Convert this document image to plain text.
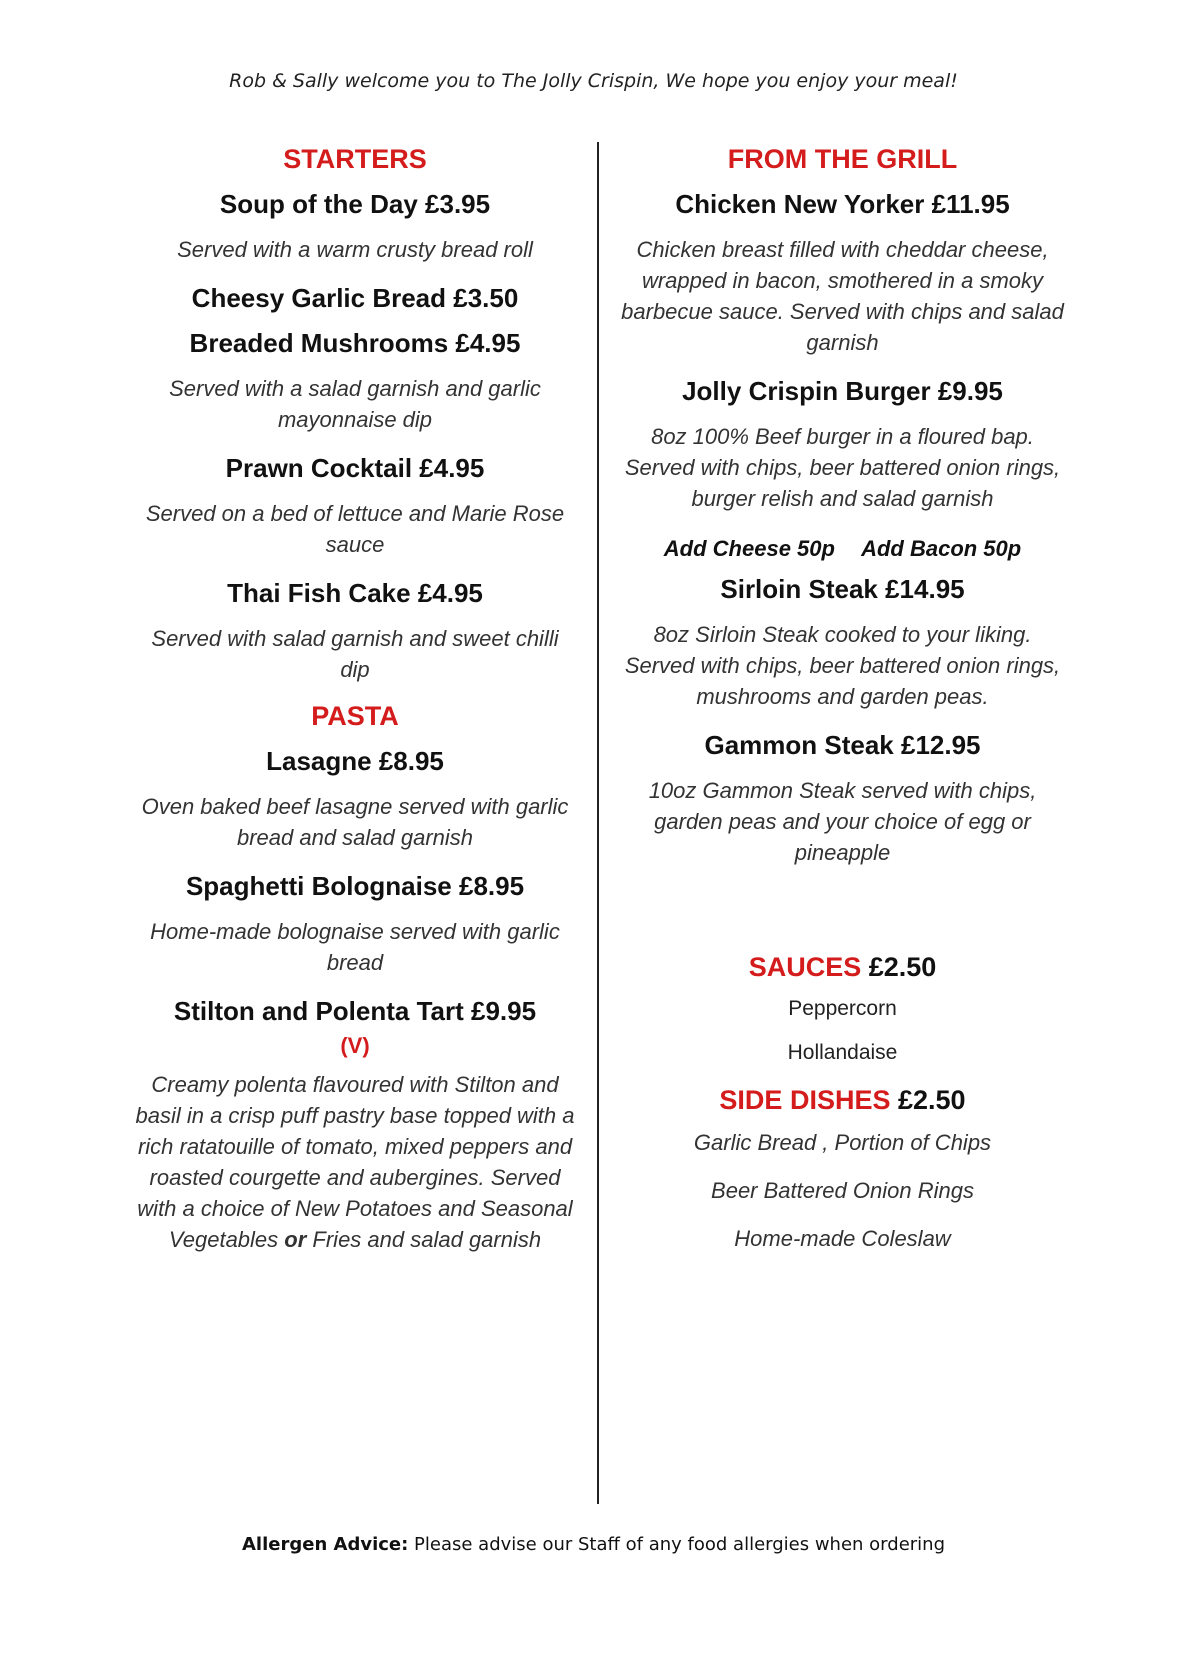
Rob & Sally welcome you to The Jolly Crispin, We hope you enjoy your meal!
STARTERS
Soup of the Day £3.95
Served with a warm crusty bread roll
Cheesy Garlic Bread £3.50
Breaded Mushrooms £4.95
Served with a salad garnish and garlic mayonnaise dip
Prawn Cocktail £4.95
Served on a bed of lettuce and Marie Rose sauce
Thai Fish Cake £4.95
Served with salad garnish and sweet chilli dip
PASTA
Lasagne £8.95
Oven baked beef lasagne served with garlic bread and salad garnish
Spaghetti Bolognaise £8.95
Home-made bolognaise served with garlic bread
Stilton and Polenta Tart £9.95
(V)
Creamy polenta flavoured with Stilton and basil in a crisp puff pastry base topped with a rich ratatouille of tomato, mixed peppers and roasted courgette and aubergines. Served with a choice of New Potatoes and Seasonal Vegetables or Fries and salad garnish
FROM THE GRILL
Chicken New Yorker £11.95
Chicken breast filled with cheddar cheese, wrapped in bacon, smothered in a smoky barbecue sauce. Served with chips and salad garnish
Jolly Crispin Burger £9.95
8oz 100% Beef burger in a floured bap. Served with chips, beer battered onion rings, burger relish and salad garnish
Add Cheese 50p Add Bacon 50p
Sirloin Steak £14.95
8oz Sirloin Steak cooked to your liking. Served with chips, beer battered onion rings, mushrooms and garden peas.
Gammon Steak £12.95
10oz Gammon Steak served with chips, garden peas and your choice of egg or pineapple
SAUCES £2.50
Peppercorn
Hollandaise
SIDE DISHES £2.50
Garlic Bread , Portion of Chips
Beer Battered Onion Rings
Home-made Coleslaw
Allergen Advice: Please advise our Staff of any food allergies when ordering
